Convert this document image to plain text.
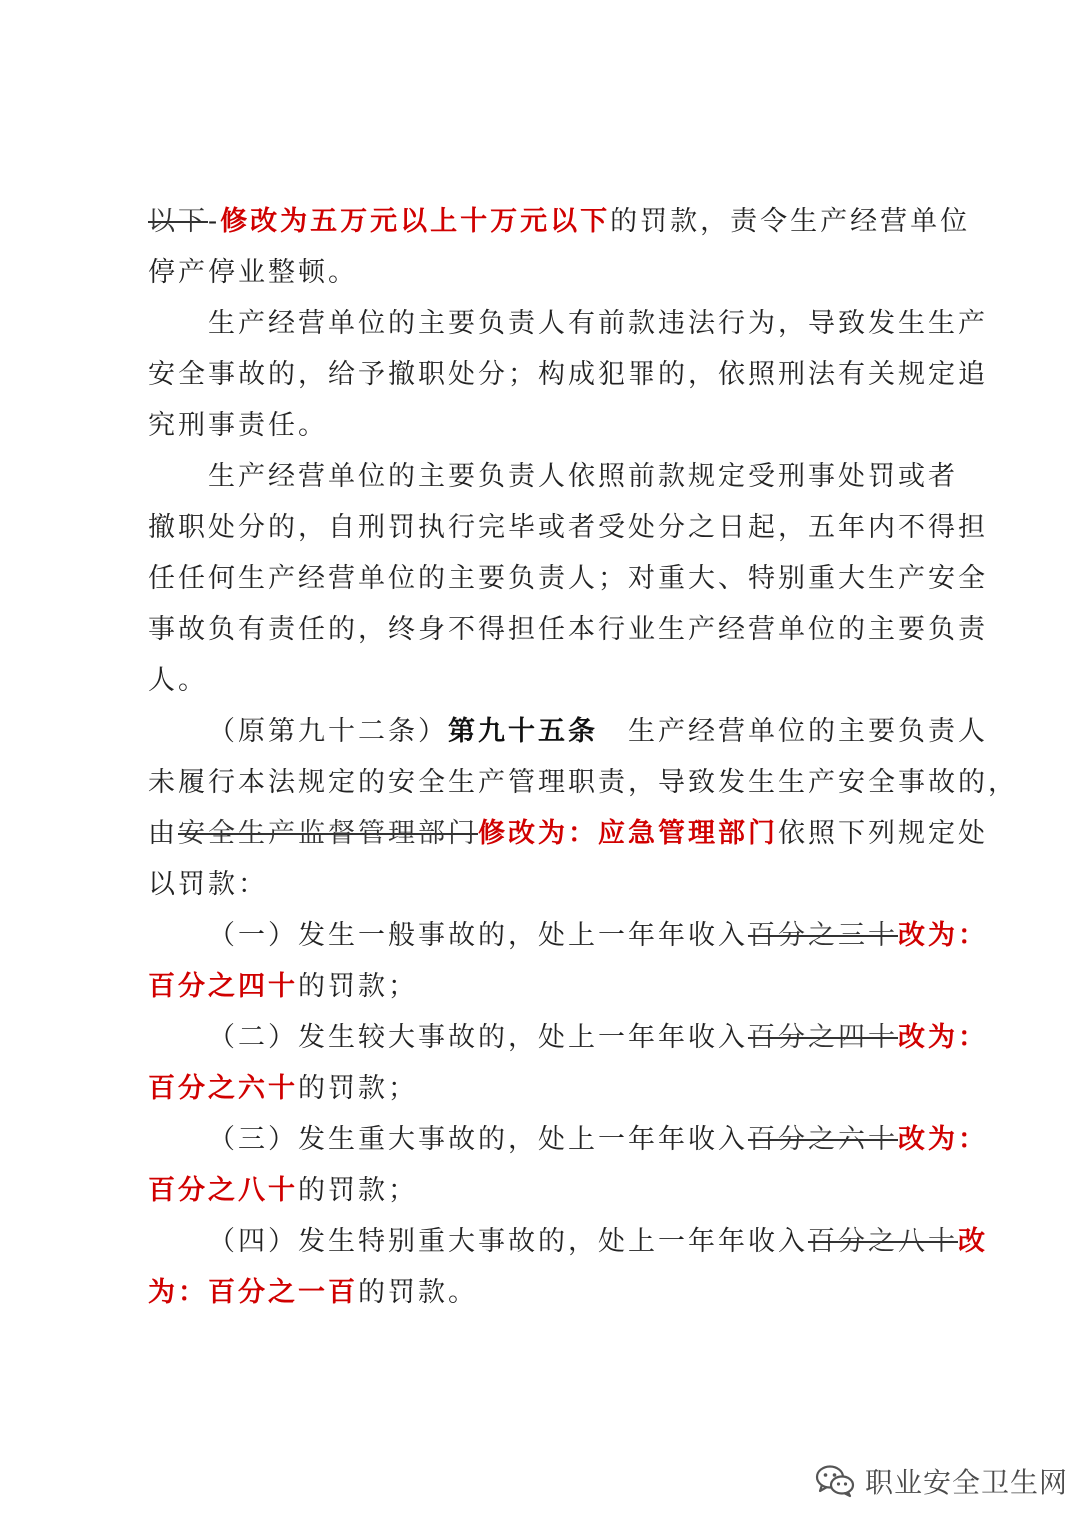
以下-修改为五万元以上十万元以下的罚款，责令生产经营单位
停产停业整顿。
生产经营单位的主要负责人有前款违法行为，导致发生生产
安全事故的，给予撤职处分；构成犯罪的，依照刑法有关规定追
究刑事责任。
生产经营单位的主要负责人依照前款规定受刑事处罚或者
撤职处分的，自刑罚执行完毕或者受处分之日起，五年内不得担
任任何生产经营单位的主要负责人；对重大、特别重大生产安全
事故负有责任的，终身不得担任本行业生产经营单位的主要负责
人。
（原第九十二条）第九十五条　生产经营单位的主要负责人
未履行本法规定的安全生产管理职责，导致发生生产安全事故的，
由安全生产监督管理部门修改为：应急管理部门依照下列规定处
以罚款：
（一）发生一般事故的，处上一年年收入百分之三十改为：
百分之四十的罚款；
（二）发生较大事故的，处上一年年收入百分之四十改为：
百分之六十的罚款；
（三）发生重大事故的，处上一年年收入百分之六十改为：
百分之八十的罚款；
（四）发生特别重大事故的，处上一年年收入百分之八十改
为：百分之一百的罚款。
职业安全卫生网
